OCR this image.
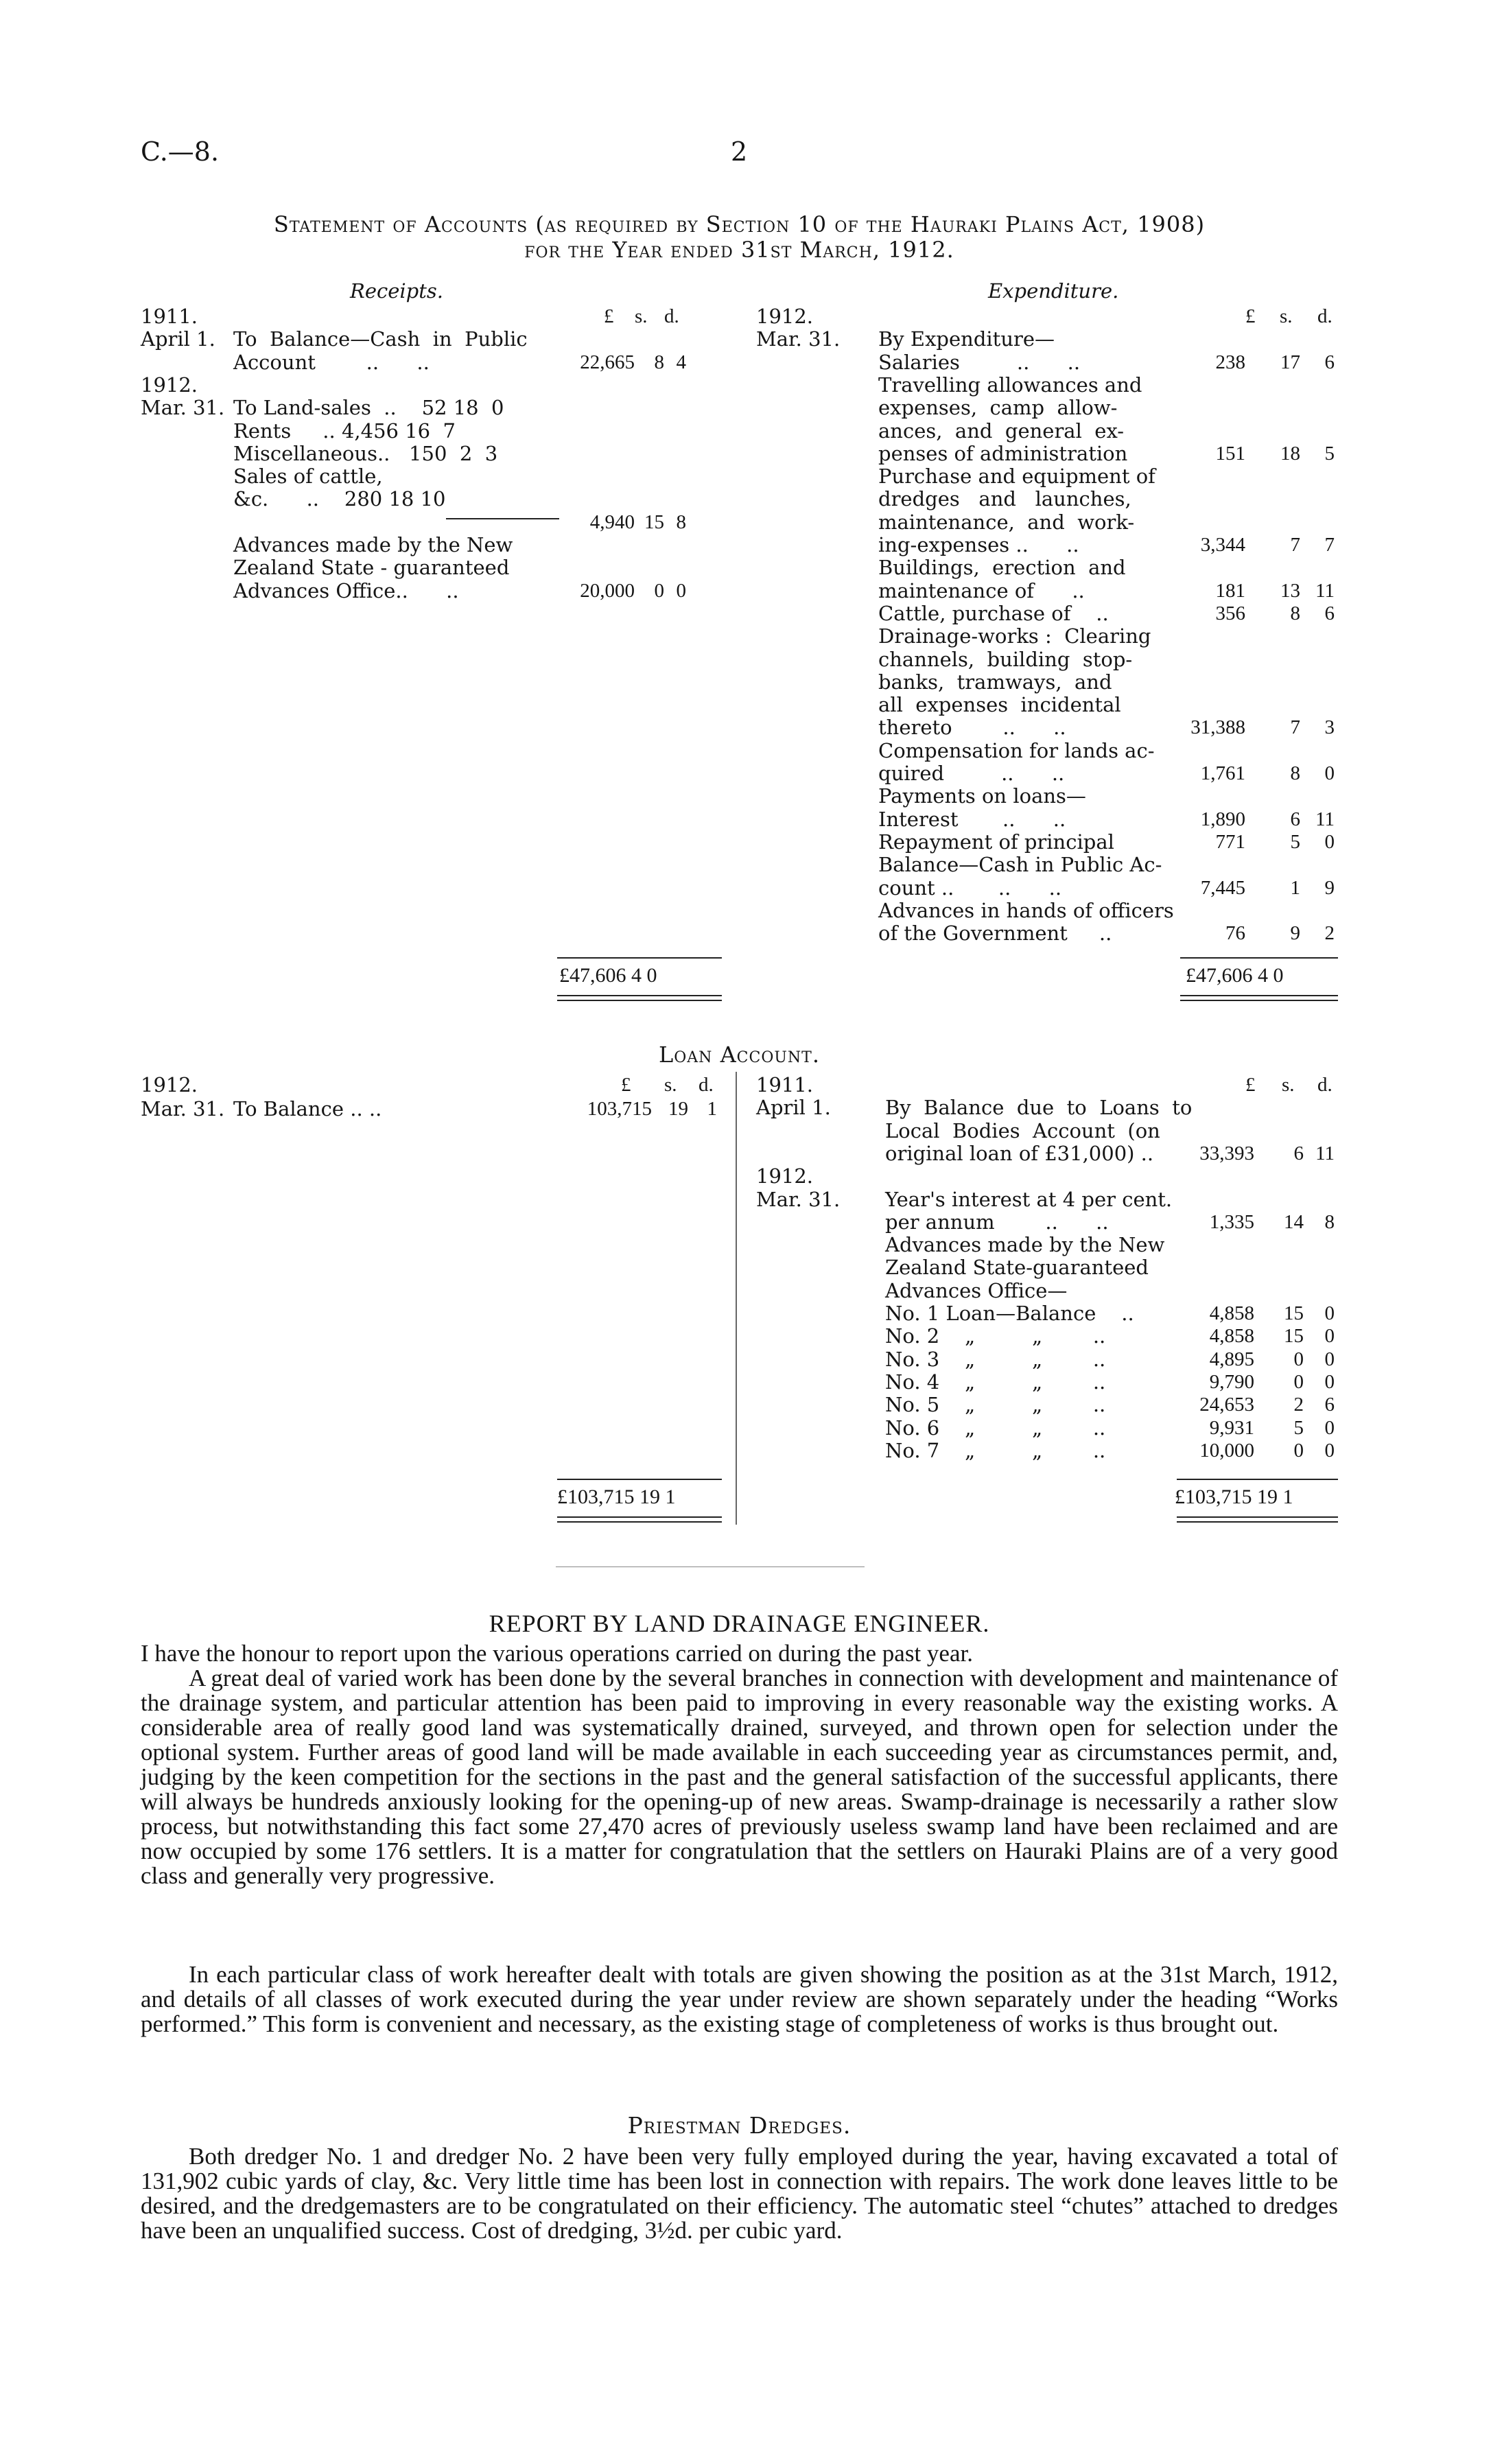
C.—8.	2
Statement of Accounts (as required by Section 10 of the Hauraki Plains Act, 1908)
for the Year ended 31st March, 1912.
Receipts.
£ s. d.
1911.
April 1. To  Balance—Cash  in  Public
Account        ..      ..	22,665 8 4
1912.
Mar. 31. To Land-sales  ..    52 18  0
Rents     .. 4,456 16  7
Miscellaneous..   150  2  3
Sales of cattle,
&c.      ..    280 18 10
4,940 15 8
Advances made by the New
Zealand State - guaranteed
Advances Office..      ..	20,000 0 0
£47,606 4 0
Expenditure.
£ s. d.
1912.
Mar. 31. By Expenditure—
Salaries         ..      ..	238	17	6
Travelling allowances and
expenses,  camp  allow-
ances,  and  general  ex-
penses of administration	151	18	5
Purchase and equipment of
dredges   and   launches,
maintenance,  and  work-
ing-expenses ..      ..	3,344	7	7
Buildings,  erection  and
maintenance of      ..	181	13 11
Cattle, purchase of    ..	356	8	6
Drainage-works :  Clearing
channels,  building  stop-
banks,  tramways,  and
all  expenses  incidental
thereto        ..      ..	31,388	7	3
Compensation for lands ac-
quired         ..      ..	1,761	8	0
Payments on loans—
Interest       ..      ..	1,890	6 11
Repayment of principal	771	5	0
Balance—Cash in Public Ac-
count ..       ..      ..	7,445	1	9
Advances in hands of officers
of the Government     ..	76	9	2
£47,606 4 0
Loan Account.
£ s. d.
1912.
Mar. 31. To Balance .. ..	103,715 19 1
£103,715 19 1
£ s. d.
1911.
April 1.	By  Balance  due  to  Loans  to
Local  Bodies  Account  (on
original loan of £31,000) ..	33,393	6 11
1912.
Mar. 31. Year's interest at 4 per cent.
per annum        ..      ..	1,335	14	8
Advances made by the New
Zealand State-guaranteed
Advances Office—
No. 1 Loan—Balance    ..	4,858	15	0
No. 2    „         „        ..	4,858	15	0
No. 3    „         „        ..	4,895	0	0
No. 4    „         „        ..	9,790	0	0
No. 5    „         „        ..	24,653	2	6
No. 6    „         „        ..	9,931	5	0
No. 7    „         „        ..	10,000	0	0
£103,715 19 1
REPORT BY LAND DRAINAGE ENGINEER.
I have the honour to report upon the various operations carried on during the past year.
A great deal of varied work has been done by the several branches in connection with development and maintenance of the drainage system, and particular attention has been paid to improving in every reasonable way the existing works. A considerable area of really good land was systematically drained, surveyed, and thrown open for selection under the optional system. Further areas of good land will be made available in each succeeding year as circumstances permit, and, judging by the keen competition for the sections in the past and the general satisfaction of the successful applicants, there will always be hundreds anxiously looking for the opening-up of new areas. Swamp-drainage is necessarily a rather slow process, but notwithstanding this fact some 27,470 acres of previously useless swamp land have been reclaimed and are now occupied by some 176 settlers. It is a matter for congratulation that the settlers on Hauraki Plains are of a very good class and generally very progressive.
In each particular class of work hereafter dealt with totals are given showing the position as at the 31st March, 1912, and details of all classes of work executed during the year under review are shown separately under the heading “Works performed.” This form is convenient and necessary, as the existing stage of completeness of works is thus brought out.
Priestman Dredges.
Both dredger No. 1 and dredger No. 2 have been very fully employed during the year, having excavated a total of 131,902 cubic yards of clay, &c. Very little time has been lost in connection with repairs. The work done leaves little to be desired, and the dredgemasters are to be congratulated on their efficiency. The automatic steel “chutes” attached to dredges have been an unqualified success. Cost of dredging, 3½d. per cubic yard.
